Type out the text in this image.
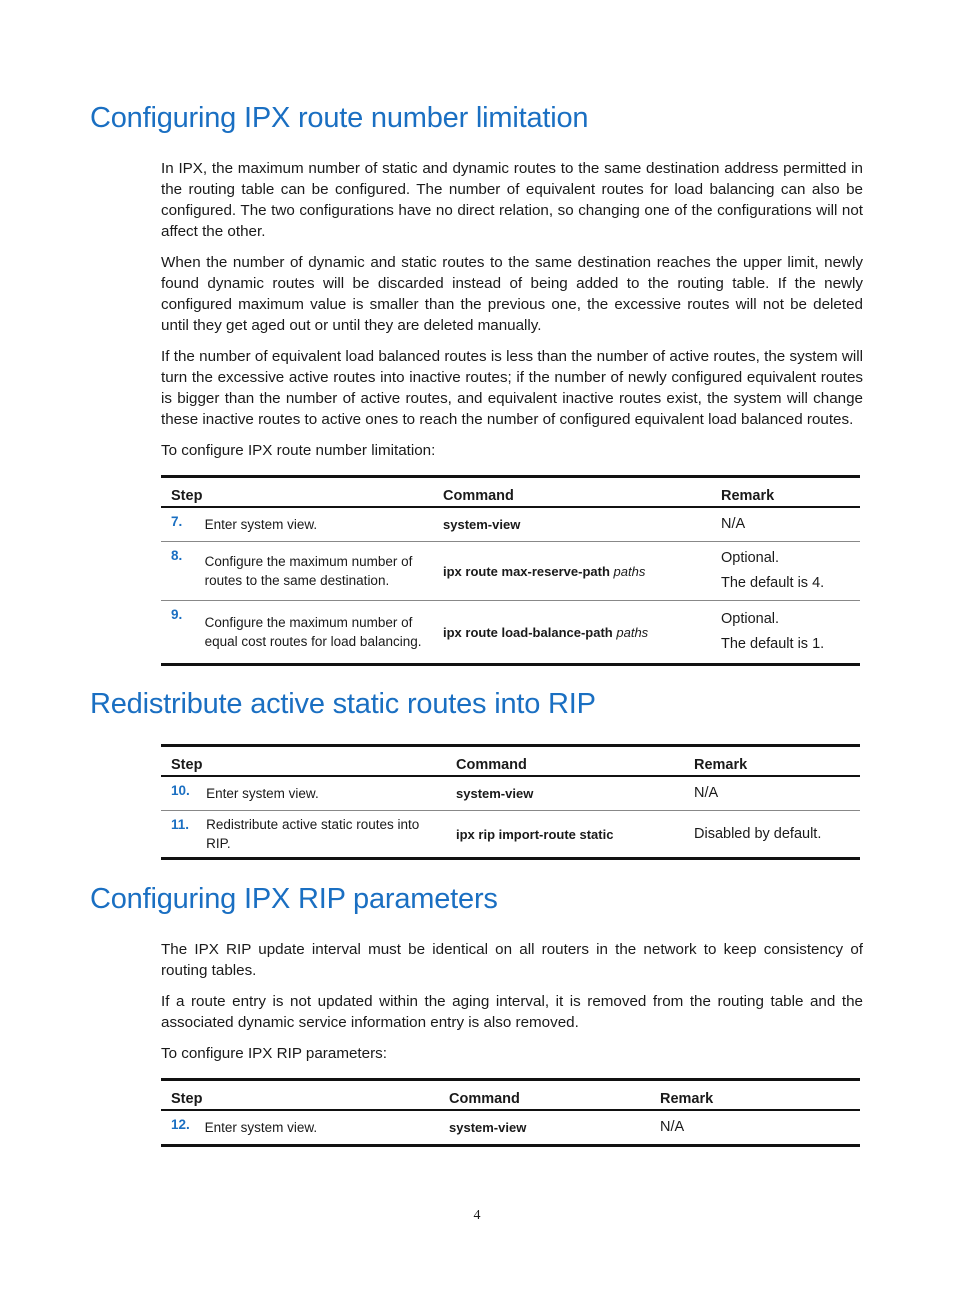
Configuring IPX route number limitation

In IPX, the maximum number of static and dynamic routes to the same destination address permitted in the routing table can be configured. The number of equivalent routes for load balancing can also be configured. The two configurations have no direct relation, so changing one of the configurations will not affect the other.

When the number of dynamic and static routes to the same destination reaches the upper limit, newly found dynamic routes will be discarded instead of being added to the routing table. If the newly configured maximum value is smaller than the previous one, the excessive routes will not be deleted until they get aged out or until they are deleted manually.

If the number of equivalent load balanced routes is less than the number of active routes, the system will turn the excessive active routes into inactive routes; if the number of newly configured equivalent routes is bigger than the number of active routes, and equivalent inactive routes exist, the system will change these inactive routes to active ones to reach the number of configured equivalent load balanced routes.

To configure IPX route number limitation:

Step		Command	Remark
7.	Enter system view.	system-view	N/A
8.	Configure the maximum number of routes to the same destination.	ipx route max-reserve-path paths	Optional.
The default is 4.

9.	Configure the maximum number of equal cost routes for load balancing.	ipx route load-balance-path paths	Optional.
The default is 1.
Redistribute active static routes into RIP
Step		Command	Remark
10.	Enter system view.	system-view	N/A
11.	Redistribute active static routes into RIP.	ipx rip import-route static	Disabled by default.
Configuring IPX RIP parameters

The IPX RIP update interval must be identical on all routers in the network to keep consistency of routing tables.

If a route entry is not updated within the aging interval, it is removed from the routing table and the associated dynamic service information entry is also removed.

To configure IPX RIP parameters:

Step		Command	Remark
12.	Enter system view.	system-view	N/A
4
